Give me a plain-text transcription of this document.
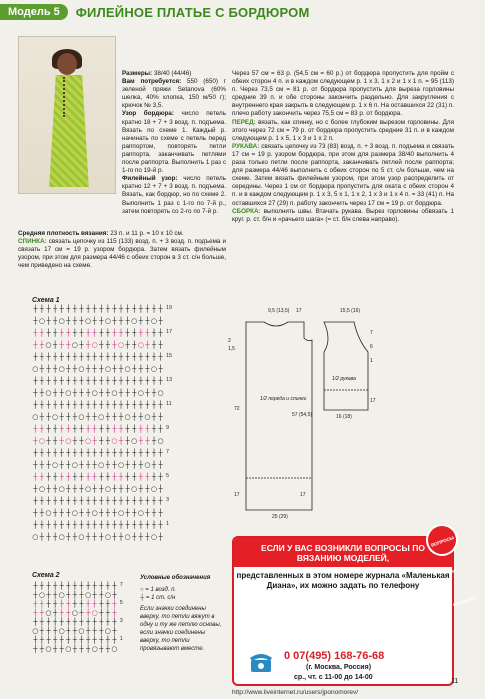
Модель 5	ФИЛЕЙНОЕ ПЛАТЬЕ С БОРДЮРОМ

Размеры: 38/40 (44/46)

Вам потребуется: 550 (650) г зеленой пряжи Setanova (60% шелка, 40% хлопка, 150 м/50 г); крючок № 3,5.

Узор бордюра: число петель кратно 18 + 7 + 3 возд. п. подъема. Вязать по схеме 1. Каждый р. начинать по схеме с петель перед раппортом, повторять петли раппорта, заканчивать петлями после раппорта. Выполнить 1 раз с 1-го по 19-й р.

Филейный узор: число петель кратно 12 + 7 + 3 возд. п. подъема. Вязать, как бордюр, но по схеме 2. Выполнить 1 раз с 1-го по 7-й р., затем повторять со 2-го по 7-й р.

Средняя плотность вязания: 23 п. и 11 р. = 10 х 10 см.

СПИНКА: связать цепочку из 115 (133) возд. п. + 3 возд. п. подъема и связать 17 см = 19 р. узором бордюра. Затем вязать филейным узором, при этом для размера 44/46 с обеих сторон в 3 ст. с/н больше, чем приведено на схеме.

Через 57 см = 63 р. (54,5 см = 60 р.) от бордюра пропустить для пройм с обеих сторон 4 п. и в каждом следующем р. 1 х 3, 1 х 2 и 1 х 1 п. = 95 (113) п. Через 73,5 см = 81 р. от бордюра пропустить для выреза горловины средние 39 п. и обе стороны закончить раздельно. Для закругления с внутреннего края закрыть в следующем р. 1 х 6 п. На оставшихся 22 (31) п. плечо работу закончить через 75,5 см = 83 р. от бордюра.

ПЕРЕД: вязать, как спинку, но с более глубоким вырезом горловины. Для этого через 72 см = 79 р. от бордюра пропустить средние 31 п. и в каждом следующем р. 1 х 5, 1 х 3 и 1 х 2 п.

РУКАВА: связать цепочку из 73 (83) возд. п. + 3 возд. п. подъема и связать 17 см = 19 р. узором бордюра, при этом для размера 38/40 выполнить 4 раза только петли после раппорта, заканчивать петлей после раппорта; для размера 44/46 выполнить с обеих сторон по 5 ст. с/н больше, чем на схеме. Затем вязать филейным узором, при этом узор распределить от середины. Через 1 см от бордюра пропустить для оката с обеих сторон 4 п. и в каждом следующем р. 1 х 3, 5 х 1, 1 х 2, 1 х 3 и 1 х 4 п. = 33 (41) п. На оставшихся 27 (29) п. работу закончить через 17 см = 19 р. от бордюра.

СБОРКА: выполнить швы. Втачать рукава. Вырез горловины обвязать 1 круг. р. ст. б/н и «рачьего шага» (= ст. б/н слева направо).

Схема 1
┼ ┼ ┼ ┼ ┼ ┼ ┼ ┼ ┼ ┼ ┼ ┼ ┼ ┼ ┼ ┼ ┼ ┼ ┼ ┼
┼ ○ ┼ ┼ ○ ┼ ┼ ┼ ○ ┼ ┼ ○ ┼ ┼ ┼ ○ ┼ ┼ ○ ┼
┼ ┼ ┼ ┼ ┼ ┼ ┼ ┼ ┼ ┼ ┼ ┼ ┼ ┼ ┼ ┼ ┼ ┼ ┼ ┼
┼ ┼ ○ ┼ ┼ ┼ ○ ┼ ┼ ○ ┼ ┼ ┼ ○ ┼ ┼ ○ ┼ ┼ ┼
┼ ┼ ┼ ┼ ┼ ┼ ┼ ┼ ┼ ┼ ┼ ┼ ┼ ┼ ┼ ┼ ┼ ┼ ┼ ┼
○ ┼ ┼ ┼ ○ ┼ ┼ ○ ┼ ┼ ┼ ○ ┼ ┼ ○ ┼ ┼ ┼ ○ ┼
┼ ┼ ┼ ┼ ┼ ┼ ┼ ┼ ┼ ┼ ┼ ┼ ┼ ┼ ┼ ┼ ┼ ┼ ┼ ┼
┼ ┼ ○ ┼ ┼ ○ ┼ ┼ ┼ ○ ┼ ┼ ○ ┼ ┼ ┼ ○ ┼ ┼ ○
┼ ┼ ┼ ┼ ┼ ┼ ┼ ┼ ┼ ┼ ┼ ┼ ┼ ┼ ┼ ┼ ┼ ┼ ┼ ┼
○ ┼ ┼ ○ ┼ ┼ ┼ ○ ┼ ┼ ○ ┼ ┼ ┼ ○ ┼ ┼ ○ ┼ ┼
┼ ┼ ┼ ┼ ┼ ┼ ┼ ┼ ┼ ┼ ┼ ┼ ┼ ┼ ┼ ┼ ┼ ┼ ┼ ┼
┼ ○ ┼ ┼ ┼ ○ ┼ ┼ ○ ┼ ┼ ┼ ○ ┼ ┼ ○ ┼ ┼ ┼ ○
┼ ┼ ┼ ┼ ┼ ┼ ┼ ┼ ┼ ┼ ┼ ┼ ┼ ┼ ┼ ┼ ┼ ┼ ┼ ┼
┼ ┼ ┼ ○ ┼ ┼ ○ ┼ ┼ ┼ ○ ┼ ┼ ○ ┼ ┼ ┼ ○ ┼ ┼
┼ ┼ ┼ ┼ ┼ ┼ ┼ ┼ ┼ ┼ ┼ ┼ ┼ ┼ ┼ ┼ ┼ ┼ ┼ ┼
┼ ○ ┼ ┼ ○ ┼ ┼ ┼ ○ ┼ ┼ ○ ┼ ┼ ┼ ○ ┼ ┼ ○ ┼
┼ ┼ ┼ ┼ ┼ ┼ ┼ ┼ ┼ ┼ ┼ ┼ ┼ ┼ ┼ ┼ ┼ ┼ ┼ ┼
┼ ┼ ○ ┼ ┼ ┼ ○ ┼ ┼ ○ ┼ ┼ ┼ ○ ┼ ┼ ○ ┼ ┼ ┼
┼ ┼ ┼ ┼ ┼ ┼ ┼ ┼ ┼ ┼ ┼ ┼ ┼ ┼ ┼ ┼ ┼ ┼ ┼ ┼
○ ┼ ┼ ┼ ○ ┼ ┼ ○ ┼ ┼ ┼ ○ ┼ ┼ ○ ┼ ┼ ┼ ○ ┼
19
17
15
13
11
9
7
5
3
1
Схема 2
┼ ┼ ┼ ┼ ┼ ┼ ┼ ┼ ┼ ┼ ┼ ┼ ┼
┼ ○ ┼ ┼ ○ ┼ ┼ ┼ ○ ┼ ┼ ○ ┼
┼ ┼ ┼ ┼ ┼ ┼ ┼ ┼ ┼ ┼ ┼ ┼ ┼
┼ ┼ ○ ┼ ┼ ┼ ○ ┼ ┼ ○ ┼ ┼ ┼
┼ ┼ ┼ ┼ ┼ ┼ ┼ ┼ ┼ ┼ ┼ ┼ ┼
○ ┼ ┼ ┼ ○ ┼ ┼ ○ ┼ ┼ ┼ ○ ┼
┼ ┼ ┼ ┼ ┼ ┼ ┼ ┼ ┼ ┼ ┼ ┼ ┼
┼ ┼ ○ ┼ ┼ ○ ┼ ┼ ┼ ○ ┼ ┼ ○
7
5
3
1
Условные обозначения
○ = 1 возд. п.
┼ = 1 ст. с/н
Если значки соединены вверху, то петли вяжут в одну и ту же петлю основы, если значки соединены вверху, то петли провязывают вместе.
9,5 (13,5) 17	15,5 (16)
2
1,5
72
57 (54,5)
17	17
25 (29)
7
6
1
17
16 (18)
1/2 переда и спинки
1/2 рукава
ВОПРОСЫ ПО ВЯЗАНИЮ
ЕСЛИ У ВАС ВОЗНИКЛИ ВОПРОСЫ ПО ВЯЗАНИЮ МОДЕЛЕЙ,
представленных в этом номере журнала «Маленькая Диана», их можно задать по телефону
0 07(495) 168-76-68
(г. Москва, Россия)
ср., чт. с 11-00 до 14-00
http://www.liveinternet.ru/users/jponomorev/
11
